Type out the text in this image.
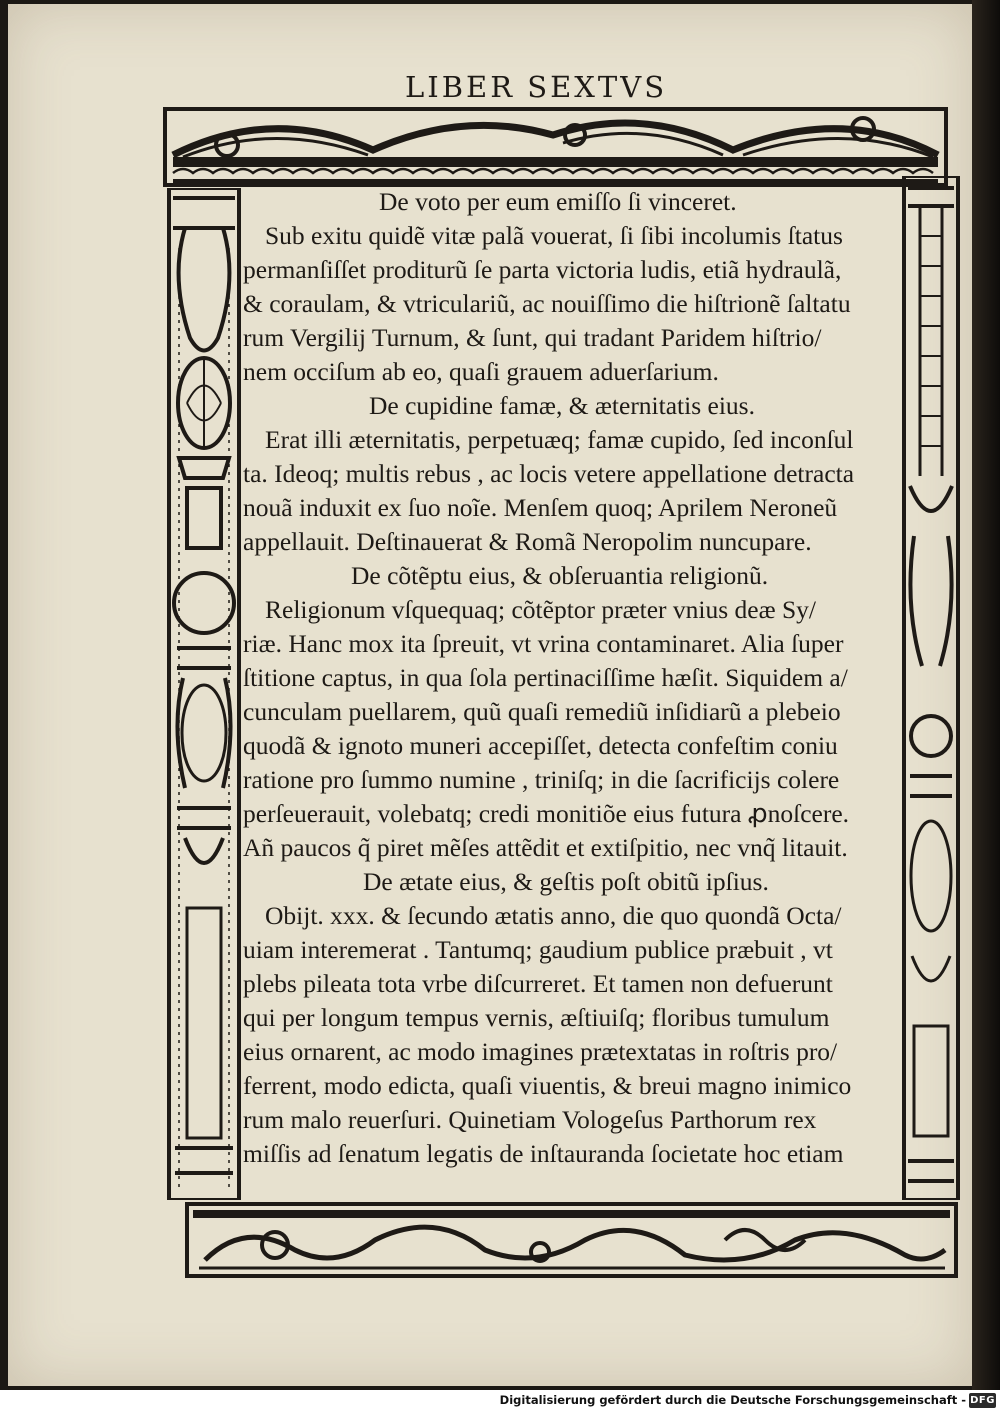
LIBER SEXTVS
De voto per eum emiſſo ſi vinceret.
Sub exitu quidẽ vitæ palã vouerat, ſi ſibi incolumis ſtatus
permanſiſſet proditurũ ſe parta victoria ludis, etiã hydraulã,
& coraulam, & vtriculariũ, ac nouiſſimo die hiſtrionẽ ſaltatu
rum Vergilij Turnum, & ſunt, qui tradant Paridem hiſtrio/
nem occiſum ab eo, quaſi grauem aduerſarium.
De cupidine famæ, & æternitatis eius.
Erat illi æternitatis, perpetuæq; famæ cupido, ſed inconſul
ta. Ideoq; multis rebus , ac locis vetere appellatione detracta
nouã induxit ex ſuo noĩe. Menſem quoq; Aprilem Neroneũ
appellauit. Deſtinauerat & Romã Neropolim nuncupare.
De cõtẽptu eius, & obſeruantia religionũ.
Religionum vſquequaq; cõtẽptor præter vnius deæ Sy/
riæ. Hanc mox ita ſpreuit, vt vrina contaminaret. Alia ſuper
ſtitione captus, in qua ſola pertinaciſſime hæſit. Siquidem a/
cunculam puellarem, quũ quaſi remediũ inſidiarũ a plebeio
quodã & ignoto muneri accepiſſet, detecta confeſtim coniu
ratione pro ſummo numine , triniſq; in die ſacrificijs colere
perſeuerauit, volebatq; credi monitiõe eius futura ꝓnoſcere.
Añ paucos q̃ piret mẽſes attẽdit et extiſpitio, nec vnq̃ litauit.
De ætate eius, & geſtis poſt obitũ ipſius.
Obijt. xxx. & ſecundo ætatis anno, die quo quondã Octa/
uiam interemerat . Tantumq; gaudium publice præbuit , vt
plebs pileata tota vrbe diſcurreret. Et tamen non defuerunt
qui per longum tempus vernis, æſtiuiſq; floribus tumulum
eius ornarent, ac modo imagines prætextatas in roſtris pro/
ferrent, modo edicta, quaſi viuentis, & breui magno inimico
rum malo reuerſuri. Quinetiam Vologeſus Parthorum rex
miſſis ad ſenatum legatis de inſtauranda ſocietate hoc etiam
Digitalisierung gefördert durch die Deutsche Forschungsgemeinschaft - DFG
